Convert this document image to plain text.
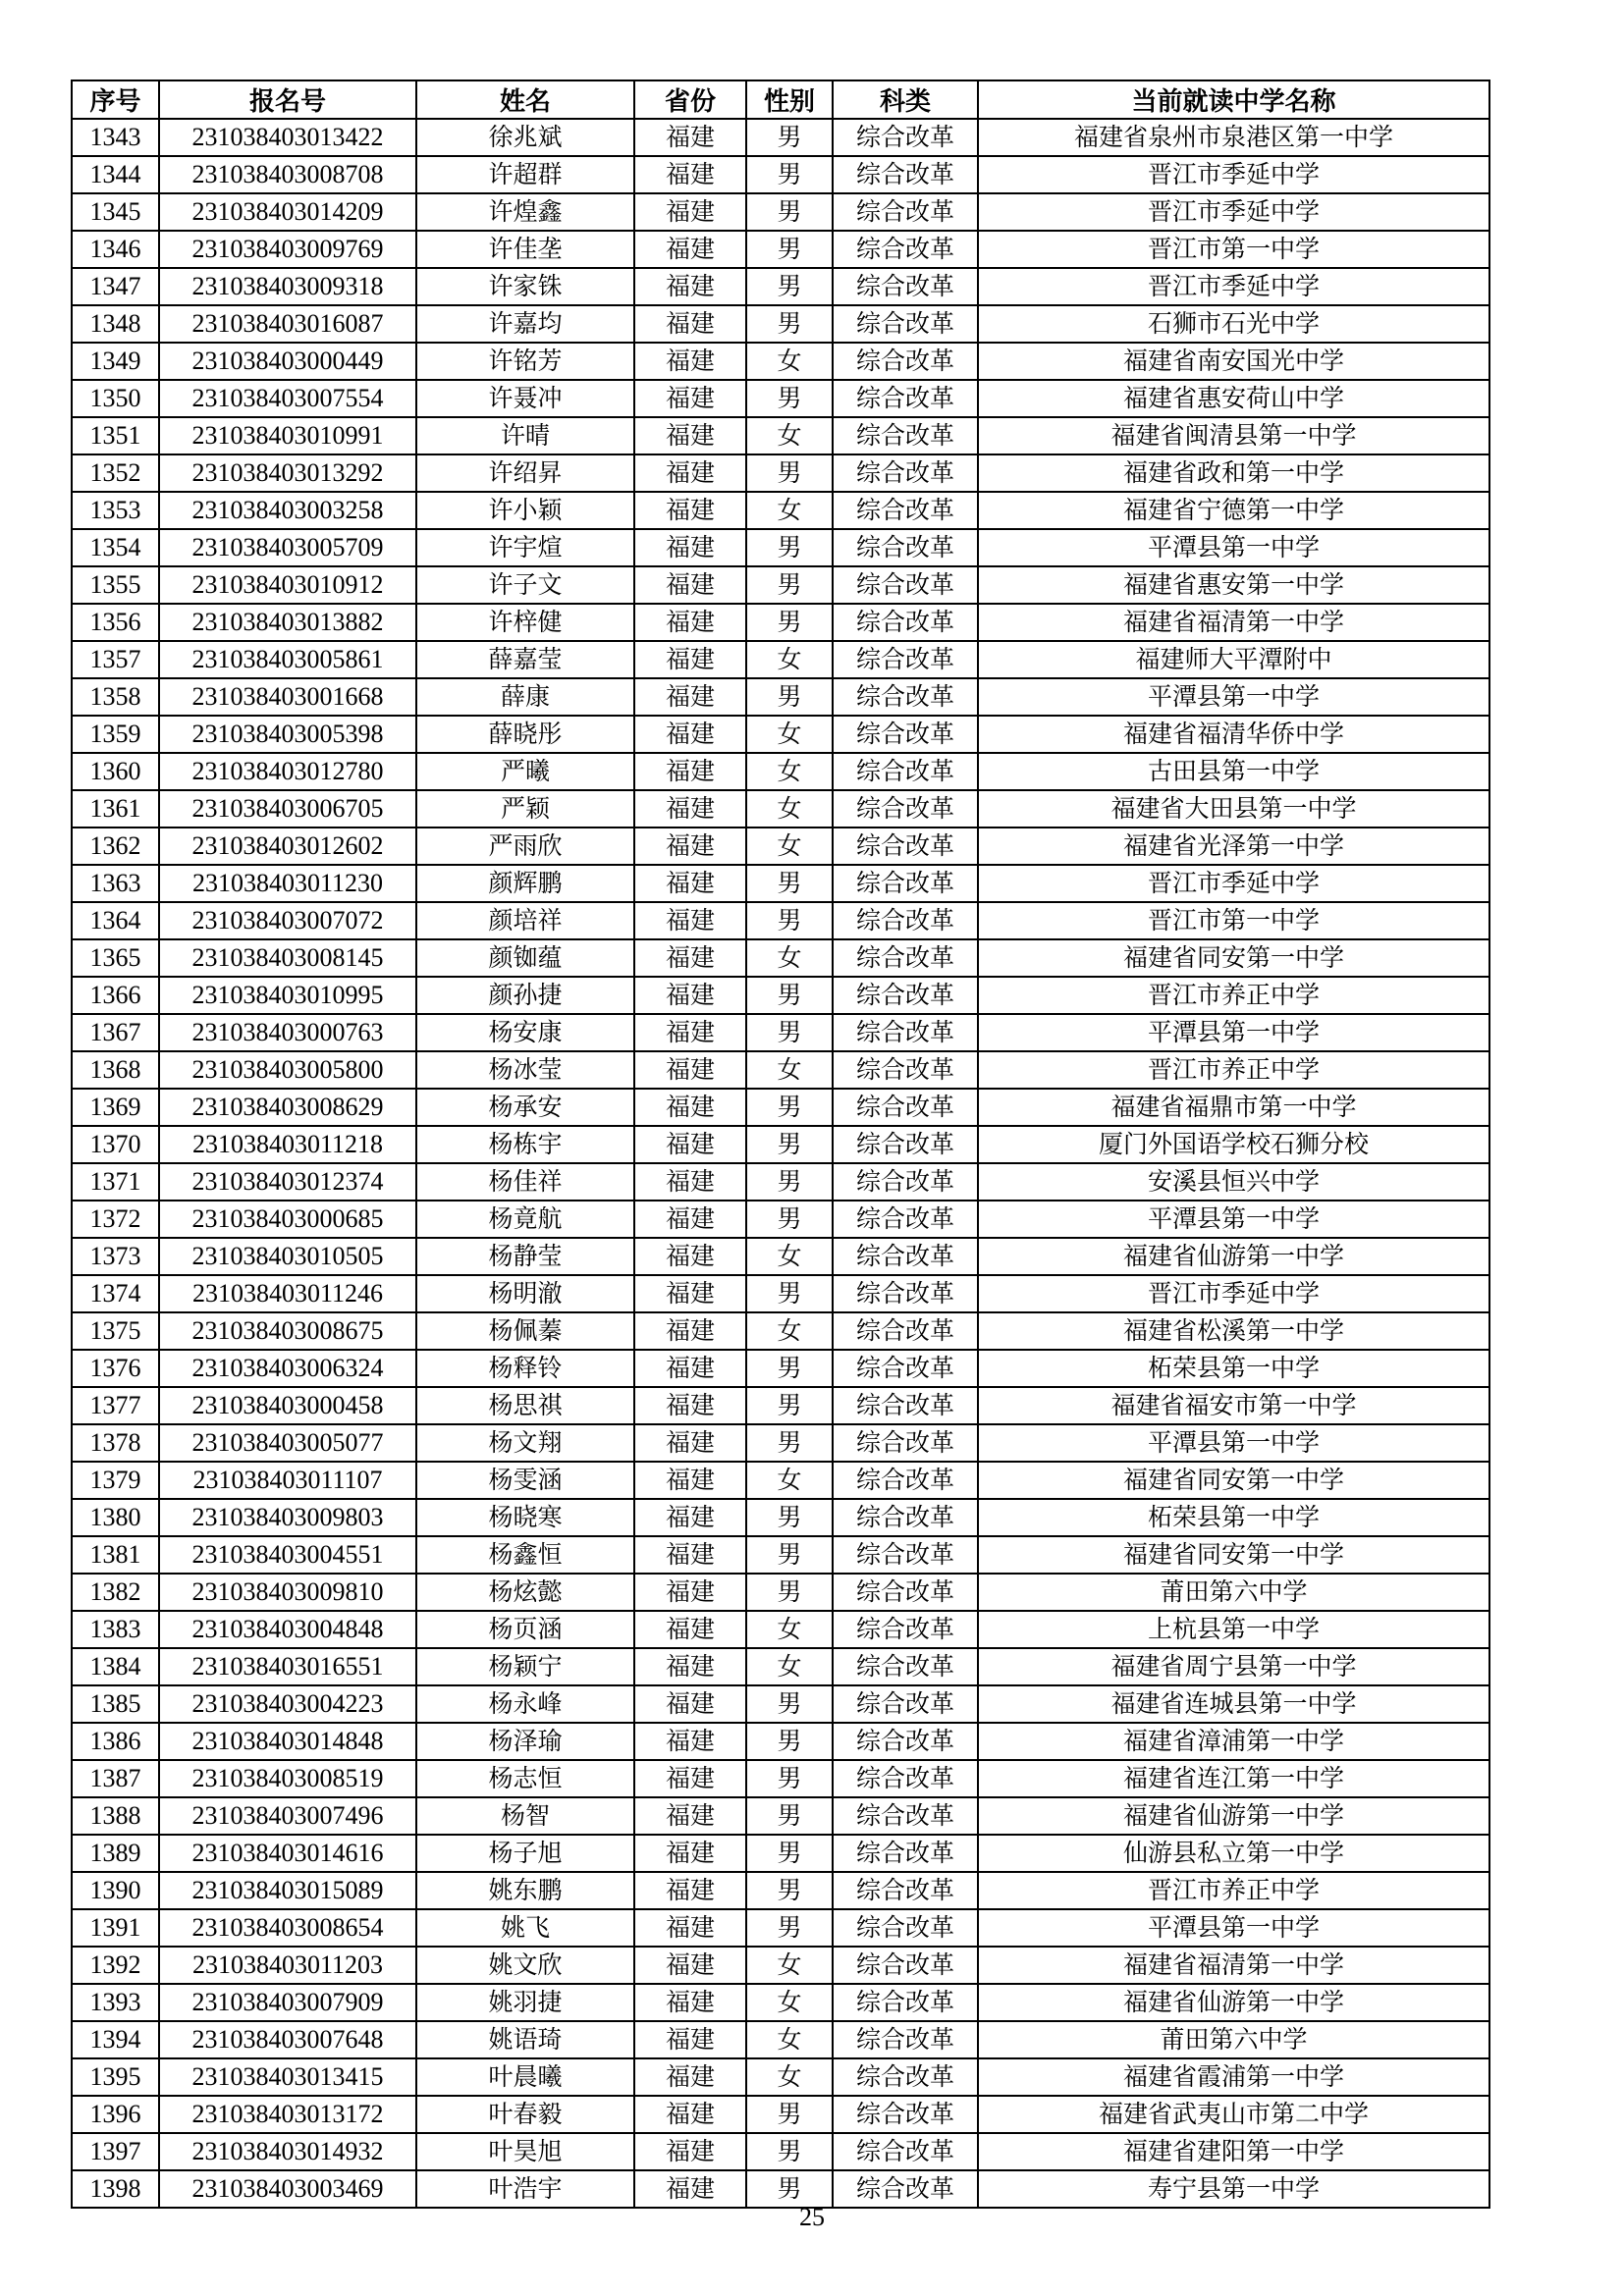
序号	报名号	姓名	省份	性别	科类	当前就读中学名称
1343	231038403013422	徐兆斌	福建	男	综合改革	福建省泉州市泉港区第一中学
1344	231038403008708	许超群	福建	男	综合改革	晋江市季延中学
1345	231038403014209	许煌鑫	福建	男	综合改革	晋江市季延中学
1346	231038403009769	许佳垄	福建	男	综合改革	晋江市第一中学
1347	231038403009318	许家铢	福建	男	综合改革	晋江市季延中学
1348	231038403016087	许嘉均	福建	男	综合改革	石狮市石光中学
1349	231038403000449	许铭芳	福建	女	综合改革	福建省南安国光中学
1350	231038403007554	许聂冲	福建	男	综合改革	福建省惠安荷山中学
1351	231038403010991	许晴	福建	女	综合改革	福建省闽清县第一中学
1352	231038403013292	许绍昇	福建	男	综合改革	福建省政和第一中学
1353	231038403003258	许小颖	福建	女	综合改革	福建省宁德第一中学
1354	231038403005709	许宇煊	福建	男	综合改革	平潭县第一中学
1355	231038403010912	许子文	福建	男	综合改革	福建省惠安第一中学
1356	231038403013882	许梓健	福建	男	综合改革	福建省福清第一中学
1357	231038403005861	薛嘉莹	福建	女	综合改革	福建师大平潭附中
1358	231038403001668	薛康	福建	男	综合改革	平潭县第一中学
1359	231038403005398	薛晓彤	福建	女	综合改革	福建省福清华侨中学
1360	231038403012780	严曦	福建	女	综合改革	古田县第一中学
1361	231038403006705	严颖	福建	女	综合改革	福建省大田县第一中学
1362	231038403012602	严雨欣	福建	女	综合改革	福建省光泽第一中学
1363	231038403011230	颜辉鹏	福建	男	综合改革	晋江市季延中学
1364	231038403007072	颜培祥	福建	男	综合改革	晋江市第一中学
1365	231038403008145	颜铷蕴	福建	女	综合改革	福建省同安第一中学
1366	231038403010995	颜孙捷	福建	男	综合改革	晋江市养正中学
1367	231038403000763	杨安康	福建	男	综合改革	平潭县第一中学
1368	231038403005800	杨冰莹	福建	女	综合改革	晋江市养正中学
1369	231038403008629	杨承安	福建	男	综合改革	福建省福鼎市第一中学
1370	231038403011218	杨栋宇	福建	男	综合改革	厦门外国语学校石狮分校
1371	231038403012374	杨佳祥	福建	男	综合改革	安溪县恒兴中学
1372	231038403000685	杨竟航	福建	男	综合改革	平潭县第一中学
1373	231038403010505	杨静莹	福建	女	综合改革	福建省仙游第一中学
1374	231038403011246	杨明澈	福建	男	综合改革	晋江市季延中学
1375	231038403008675	杨佩蓁	福建	女	综合改革	福建省松溪第一中学
1376	231038403006324	杨释铃	福建	男	综合改革	柘荣县第一中学
1377	231038403000458	杨思祺	福建	男	综合改革	福建省福安市第一中学
1378	231038403005077	杨文翔	福建	男	综合改革	平潭县第一中学
1379	231038403011107	杨雯涵	福建	女	综合改革	福建省同安第一中学
1380	231038403009803	杨晓寒	福建	男	综合改革	柘荣县第一中学
1381	231038403004551	杨鑫恒	福建	男	综合改革	福建省同安第一中学
1382	231038403009810	杨炫懿	福建	男	综合改革	莆田第六中学
1383	231038403004848	杨页涵	福建	女	综合改革	上杭县第一中学
1384	231038403016551	杨颖宁	福建	女	综合改革	福建省周宁县第一中学
1385	231038403004223	杨永峰	福建	男	综合改革	福建省连城县第一中学
1386	231038403014848	杨泽瑜	福建	男	综合改革	福建省漳浦第一中学
1387	231038403008519	杨志恒	福建	男	综合改革	福建省连江第一中学
1388	231038403007496	杨智	福建	男	综合改革	福建省仙游第一中学
1389	231038403014616	杨子旭	福建	男	综合改革	仙游县私立第一中学
1390	231038403015089	姚东鹏	福建	男	综合改革	晋江市养正中学
1391	231038403008654	姚飞	福建	男	综合改革	平潭县第一中学
1392	231038403011203	姚文欣	福建	女	综合改革	福建省福清第一中学
1393	231038403007909	姚羽捷	福建	女	综合改革	福建省仙游第一中学
1394	231038403007648	姚语琦	福建	女	综合改革	莆田第六中学
1395	231038403013415	叶晨曦	福建	女	综合改革	福建省霞浦第一中学
1396	231038403013172	叶春毅	福建	男	综合改革	福建省武夷山市第二中学
1397	231038403014932	叶昊旭	福建	男	综合改革	福建省建阳第一中学
1398	231038403003469	叶浩宇	福建	男	综合改革	寿宁县第一中学
25
